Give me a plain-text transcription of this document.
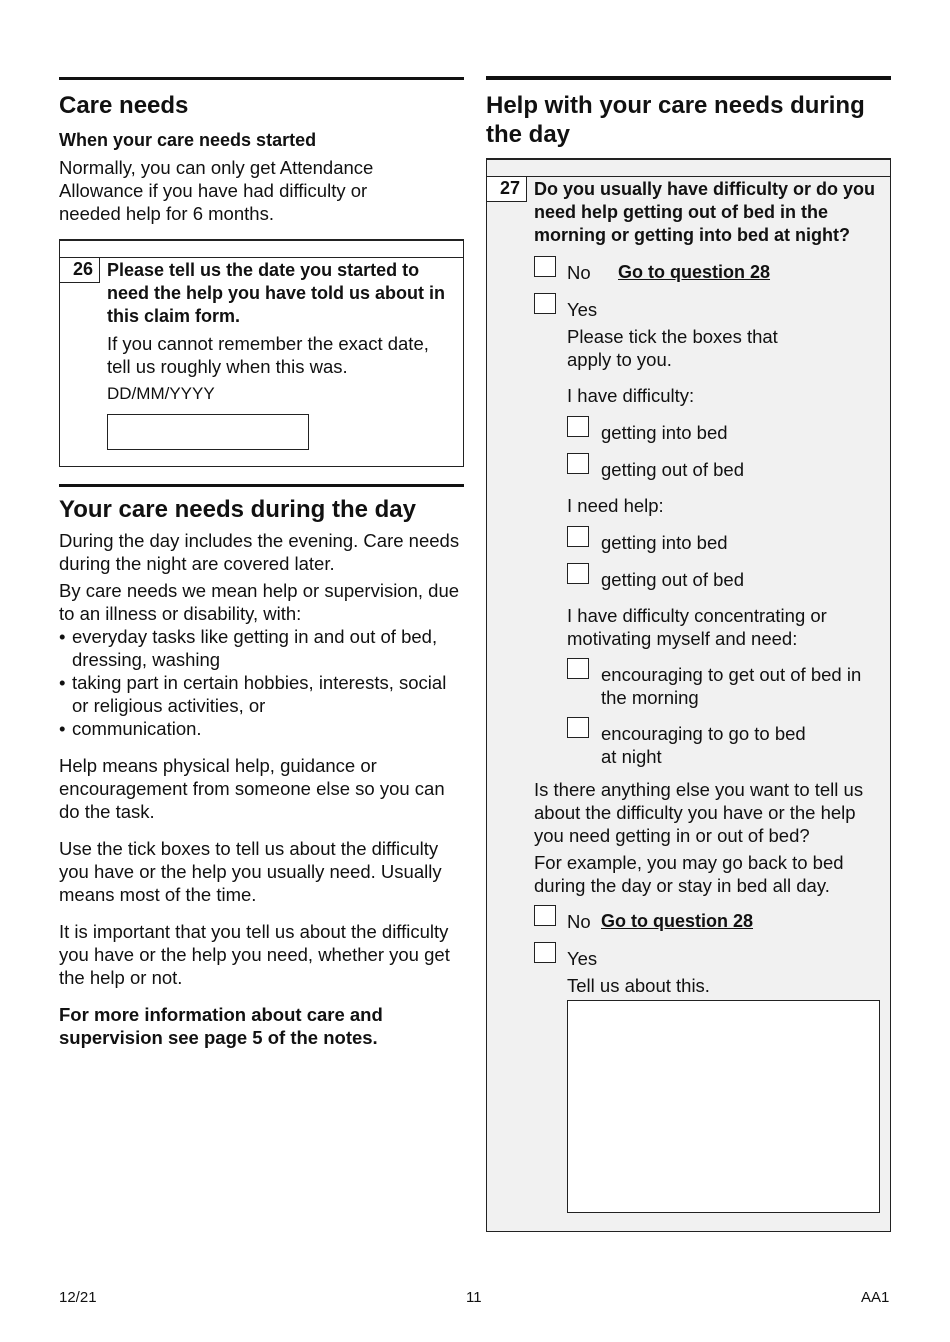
Care needs
When your care needs started

Normally, you can only get Attendance Allowance if you have had difficulty or needed help for 6 months.

26 Please tell us the date you started to need the help you have told us about in this claim form.

If you cannot remember the exact date, tell us roughly when this was.

DD/MM/YYYY

Your care needs during the day

During the day includes the evening. Care needs during the night are covered later.

By care needs we mean help or supervision, due to an illness or disability, with:

• everyday tasks like getting in and out of bed, dressing, washing
• taking part in certain hobbies, interests, social or religious activities, or
• communication.

Help means physical help, guidance or encouragement from someone else so you can do the task.

Use the tick boxes to tell us about the difficulty you have or the help you usually need. Usually means most of the time.

It is important that you tell us about the difficulty you have or the help you need, whether you get the help or not.

For more information about care and supervision see page 5 of the notes.

Help with your care needs during the day
27 Do you usually have difficulty or do you need help getting out of bed in the morning or getting into bed at night?

No Go to question 28

Yes

Please tick the boxes that apply to you.

I have difficulty:

getting into bed

getting out of bed

I need help:

getting into bed

getting out of bed

I have difficulty concentrating or motivating myself and need:

encouraging to get out of bed in the morning

encouraging to go to bed at night

Is there anything else you want to tell us about the difficulty you have or the help you need getting in or out of bed?

For example, you may go back to bed during the day or stay in bed all day.

No Go to question 28

Yes

Tell us about this.

12/21	11	AA1
